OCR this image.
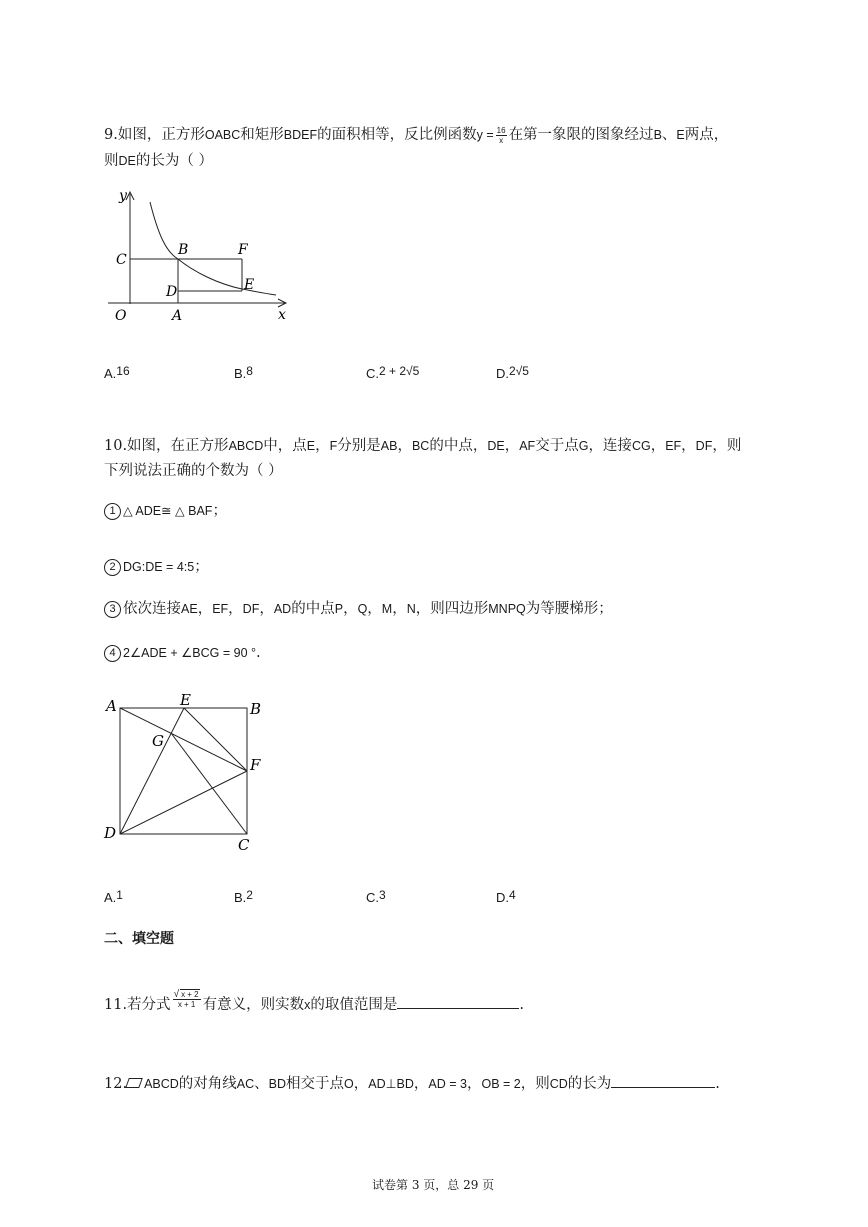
9.如图，正方形OABC和矩形BDEF的面积相等，反比例函数$y = \frac{16}{x}$ 在第一象限的图象经过B、E两点，
则DE的长为（ ）
y
x
C
B	F
D	E
O	A
A.$^{16}$	B.$^8$	C.$^{2 + 2√5}$	D.$^{2√5}$
10.如图，在正方形ABCD中，点E，F分别是AB，BC的中点，DE，AF交于点G，连接CG，EF，DF，则
下列说法正确的个数为（ ）
1 △ ADE≅ △ BAF；
2 DG:DE = 4:5；
3 依次连接AE，EF，DF，AD的中点P，Q，M，N，则四边形MNPQ为等腰梯形；
4 2∠ADE + ∠BCG = 90 °.
A	E	B
G
F
D
C
A.$^1$	B.$^2$	C.$^3$	D.$^4$
二、填空题
11.若分式 $\frac{√ x + 2}{x + 1}$ 有意义，则实数x的取值范围是	.
12. ABCD的对角线AC、BD相交于点O，AD⊥BD，AD = 3，OB = 2，则CD的长为	.
试卷第 3 页，总 29 页
